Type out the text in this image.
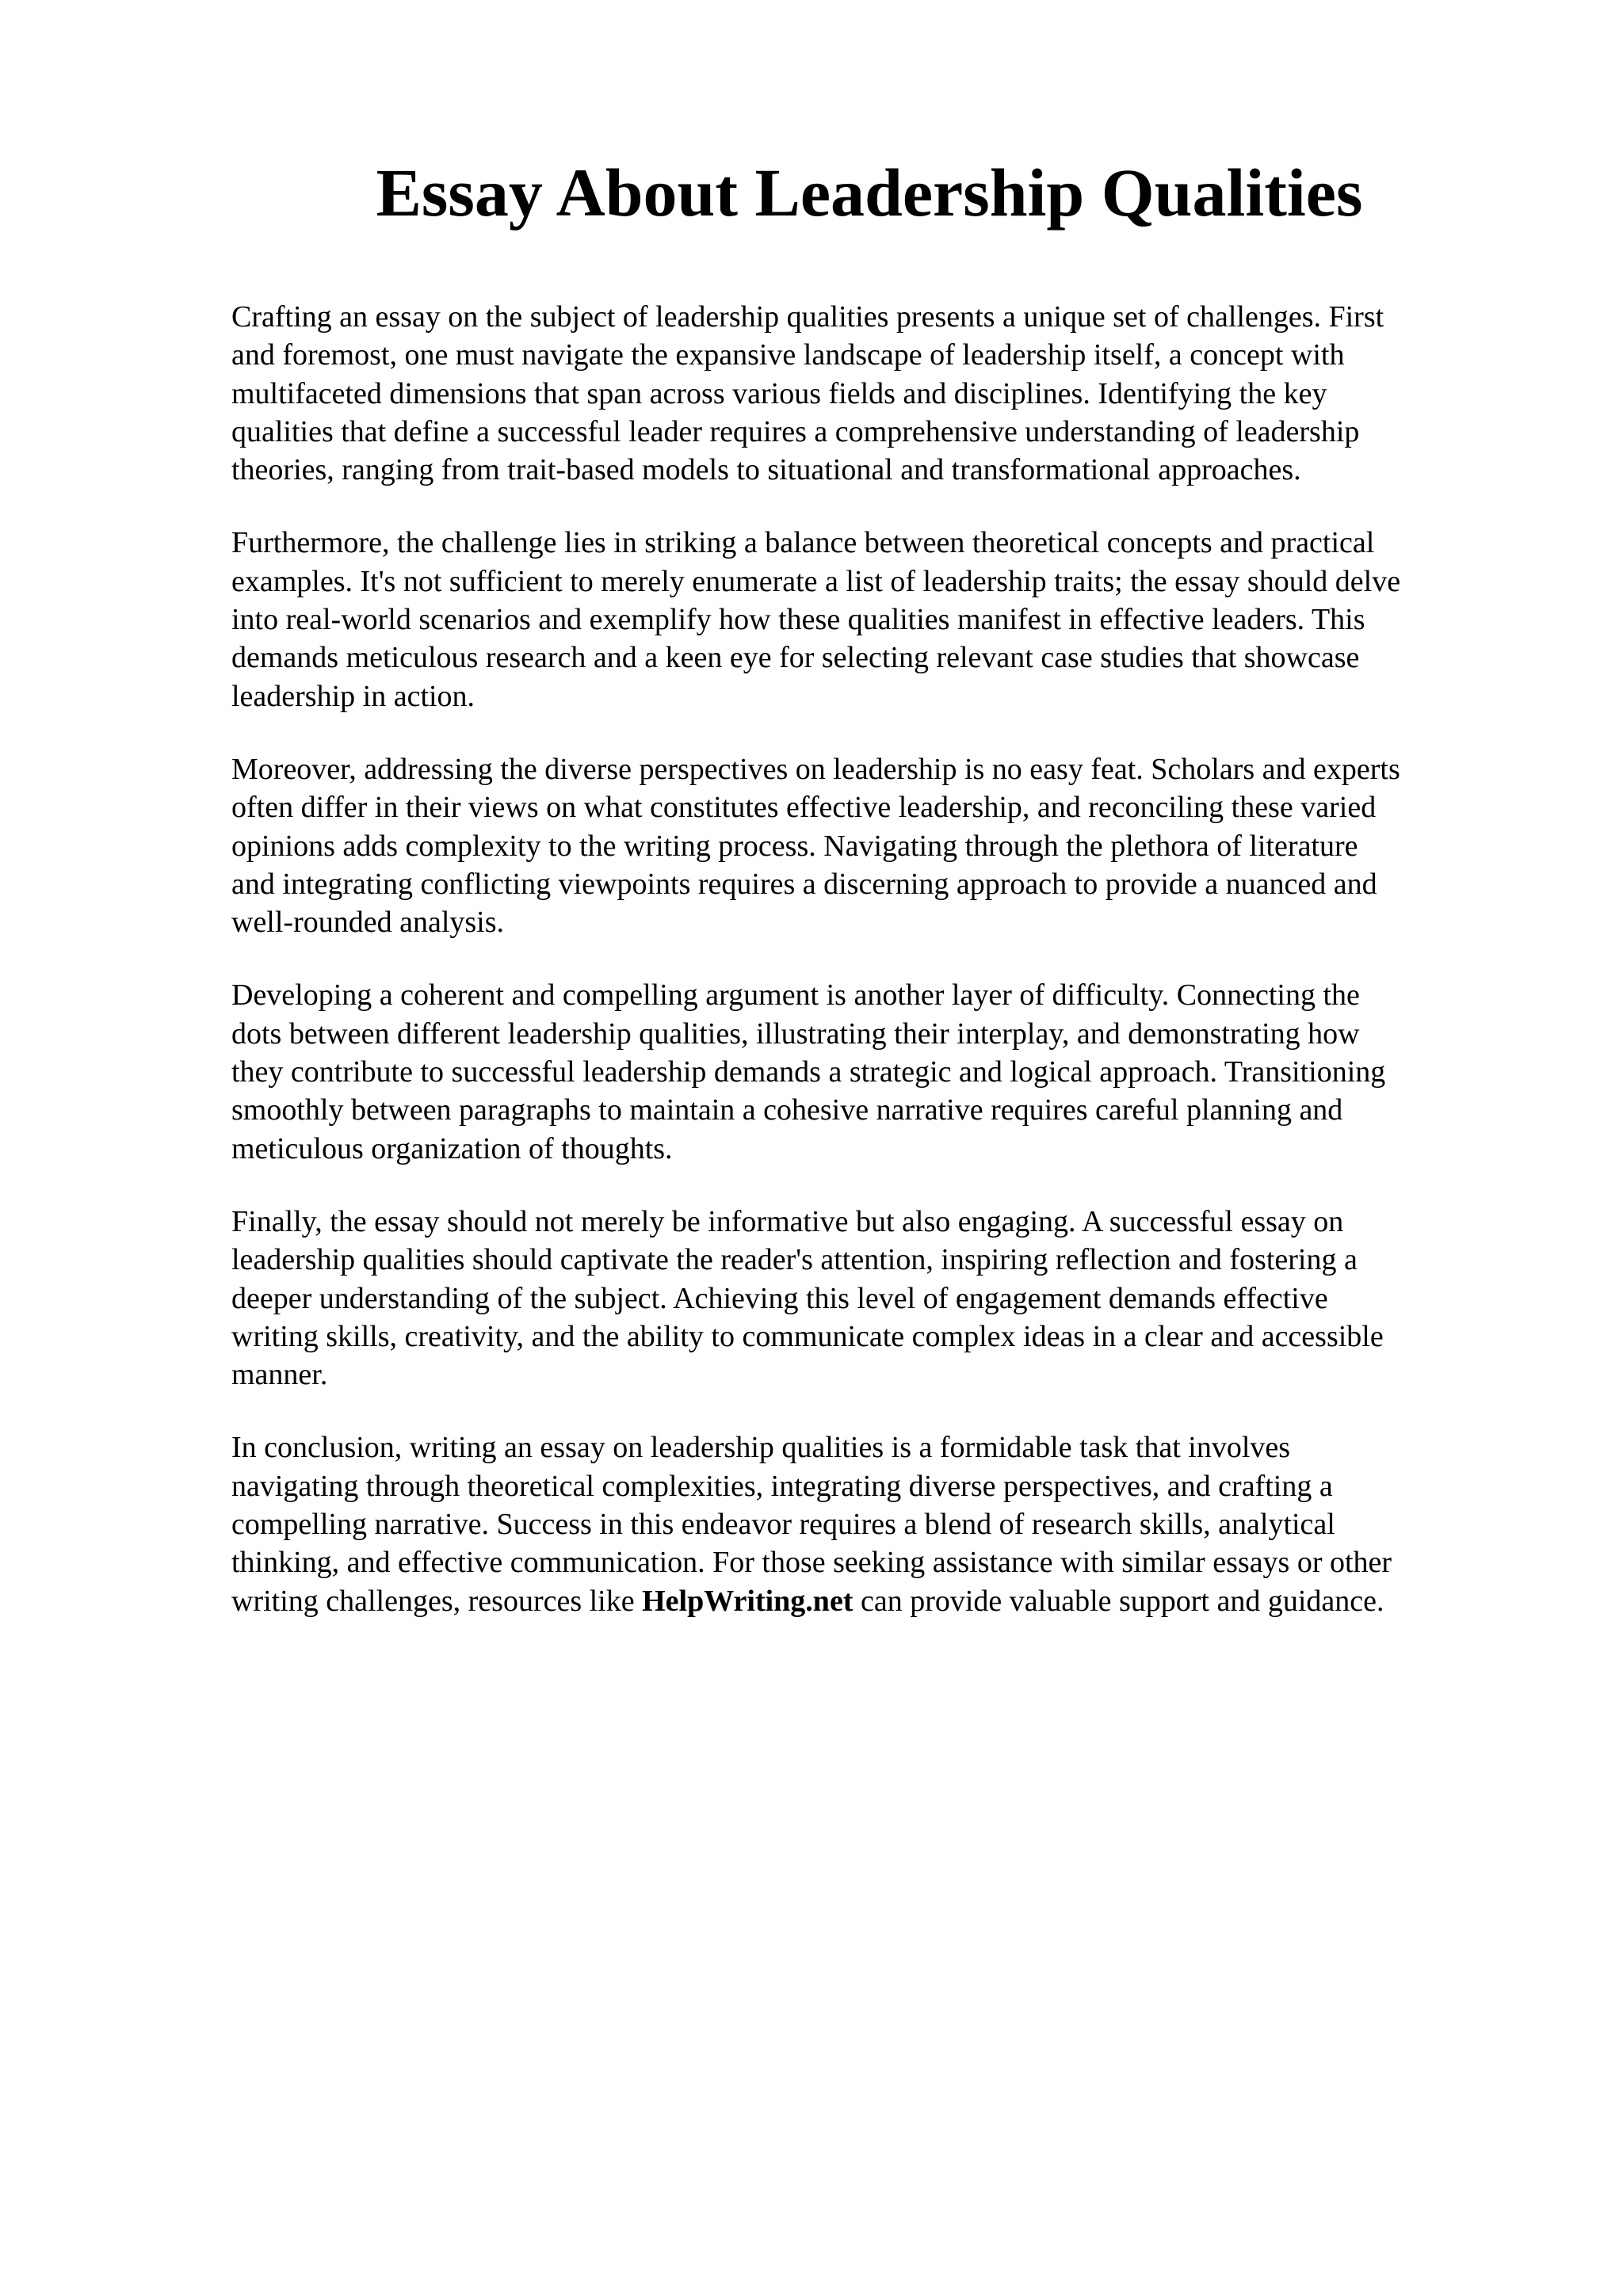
Essay About Leadership Qualities

Crafting an essay on the subject of leadership qualities presents a unique set of challenges. First
and foremost, one must navigate the expansive landscape of leadership itself, a concept with
multifaceted dimensions that span across various fields and disciplines. Identifying the key
qualities that define a successful leader requires a comprehensive understanding of leadership
theories, ranging from trait-based models to situational and transformational approaches.

Furthermore, the challenge lies in striking a balance between theoretical concepts and practical
examples. It's not sufficient to merely enumerate a list of leadership traits; the essay should delve
into real-world scenarios and exemplify how these qualities manifest in effective leaders. This
demands meticulous research and a keen eye for selecting relevant case studies that showcase
leadership in action.

Moreover, addressing the diverse perspectives on leadership is no easy feat. Scholars and experts
often differ in their views on what constitutes effective leadership, and reconciling these varied
opinions adds complexity to the writing process. Navigating through the plethora of literature
and integrating conflicting viewpoints requires a discerning approach to provide a nuanced and
well-rounded analysis.

Developing a coherent and compelling argument is another layer of difficulty. Connecting the
dots between different leadership qualities, illustrating their interplay, and demonstrating how
they contribute to successful leadership demands a strategic and logical approach. Transitioning
smoothly between paragraphs to maintain a cohesive narrative requires careful planning and
meticulous organization of thoughts.

Finally, the essay should not merely be informative but also engaging. A successful essay on
leadership qualities should captivate the reader's attention, inspiring reflection and fostering a
deeper understanding of the subject. Achieving this level of engagement demands effective
writing skills, creativity, and the ability to communicate complex ideas in a clear and accessible
manner.

In conclusion, writing an essay on leadership qualities is a formidable task that involves
navigating through theoretical complexities, integrating diverse perspectives, and crafting a
compelling narrative. Success in this endeavor requires a blend of research skills, analytical
thinking, and effective communication. For those seeking assistance with similar essays or other
writing challenges, resources like HelpWriting.net can provide valuable support and guidance.
